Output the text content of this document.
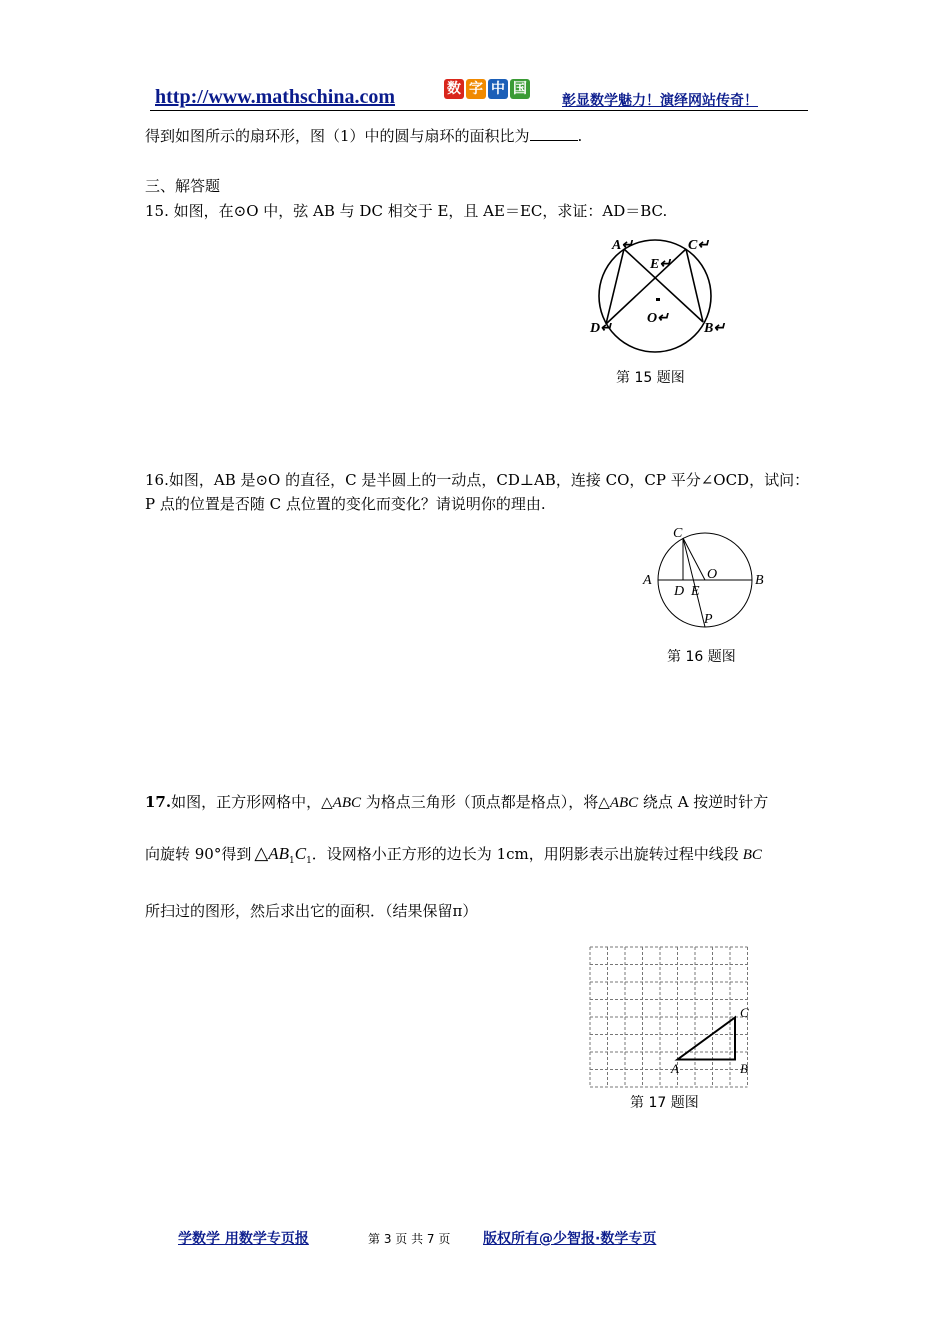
http://www.mathschina.com	数 字 中 国
彰显数学魅力！演绎网站传奇！
得到如图所示的扇环形，图（1）中的圆与扇环的面积比为	.
三、解答题
15. 如图，在⊙O 中，弦 AB 与 DC 相交于 E，且 AE＝EC，求证：AD＝BC.
A↵	C↵
E↵
O↵
D↵	B↵
第 15 题图
16.如图，AB 是⊙O 的直径，C 是半圆上的一动点，CD⊥AB，连接 CO，CP 平分∠OCD，试问：
P 点的位置是否随 C 点位置的变化而变化？请说明你的理由.
C
A	O	B
D E
P
第 16 题图
17.如图，正方形网格中，△ABC 为格点三角形（顶点都是格点），将△ABC 绕点 A 按逆时针方
向旋转 90°得到 $\triangle AB_1C_1$．设网格小正方形的边长为 1cm，用阴影表示出旋转过程中线段 BC
所扫过的图形，然后求出它的面积．（结果保留π）
A	B
C
第 17 题图
学数学 用数学专页报	第 3 页 共 7 页 版权所有@少智报·数学专页
